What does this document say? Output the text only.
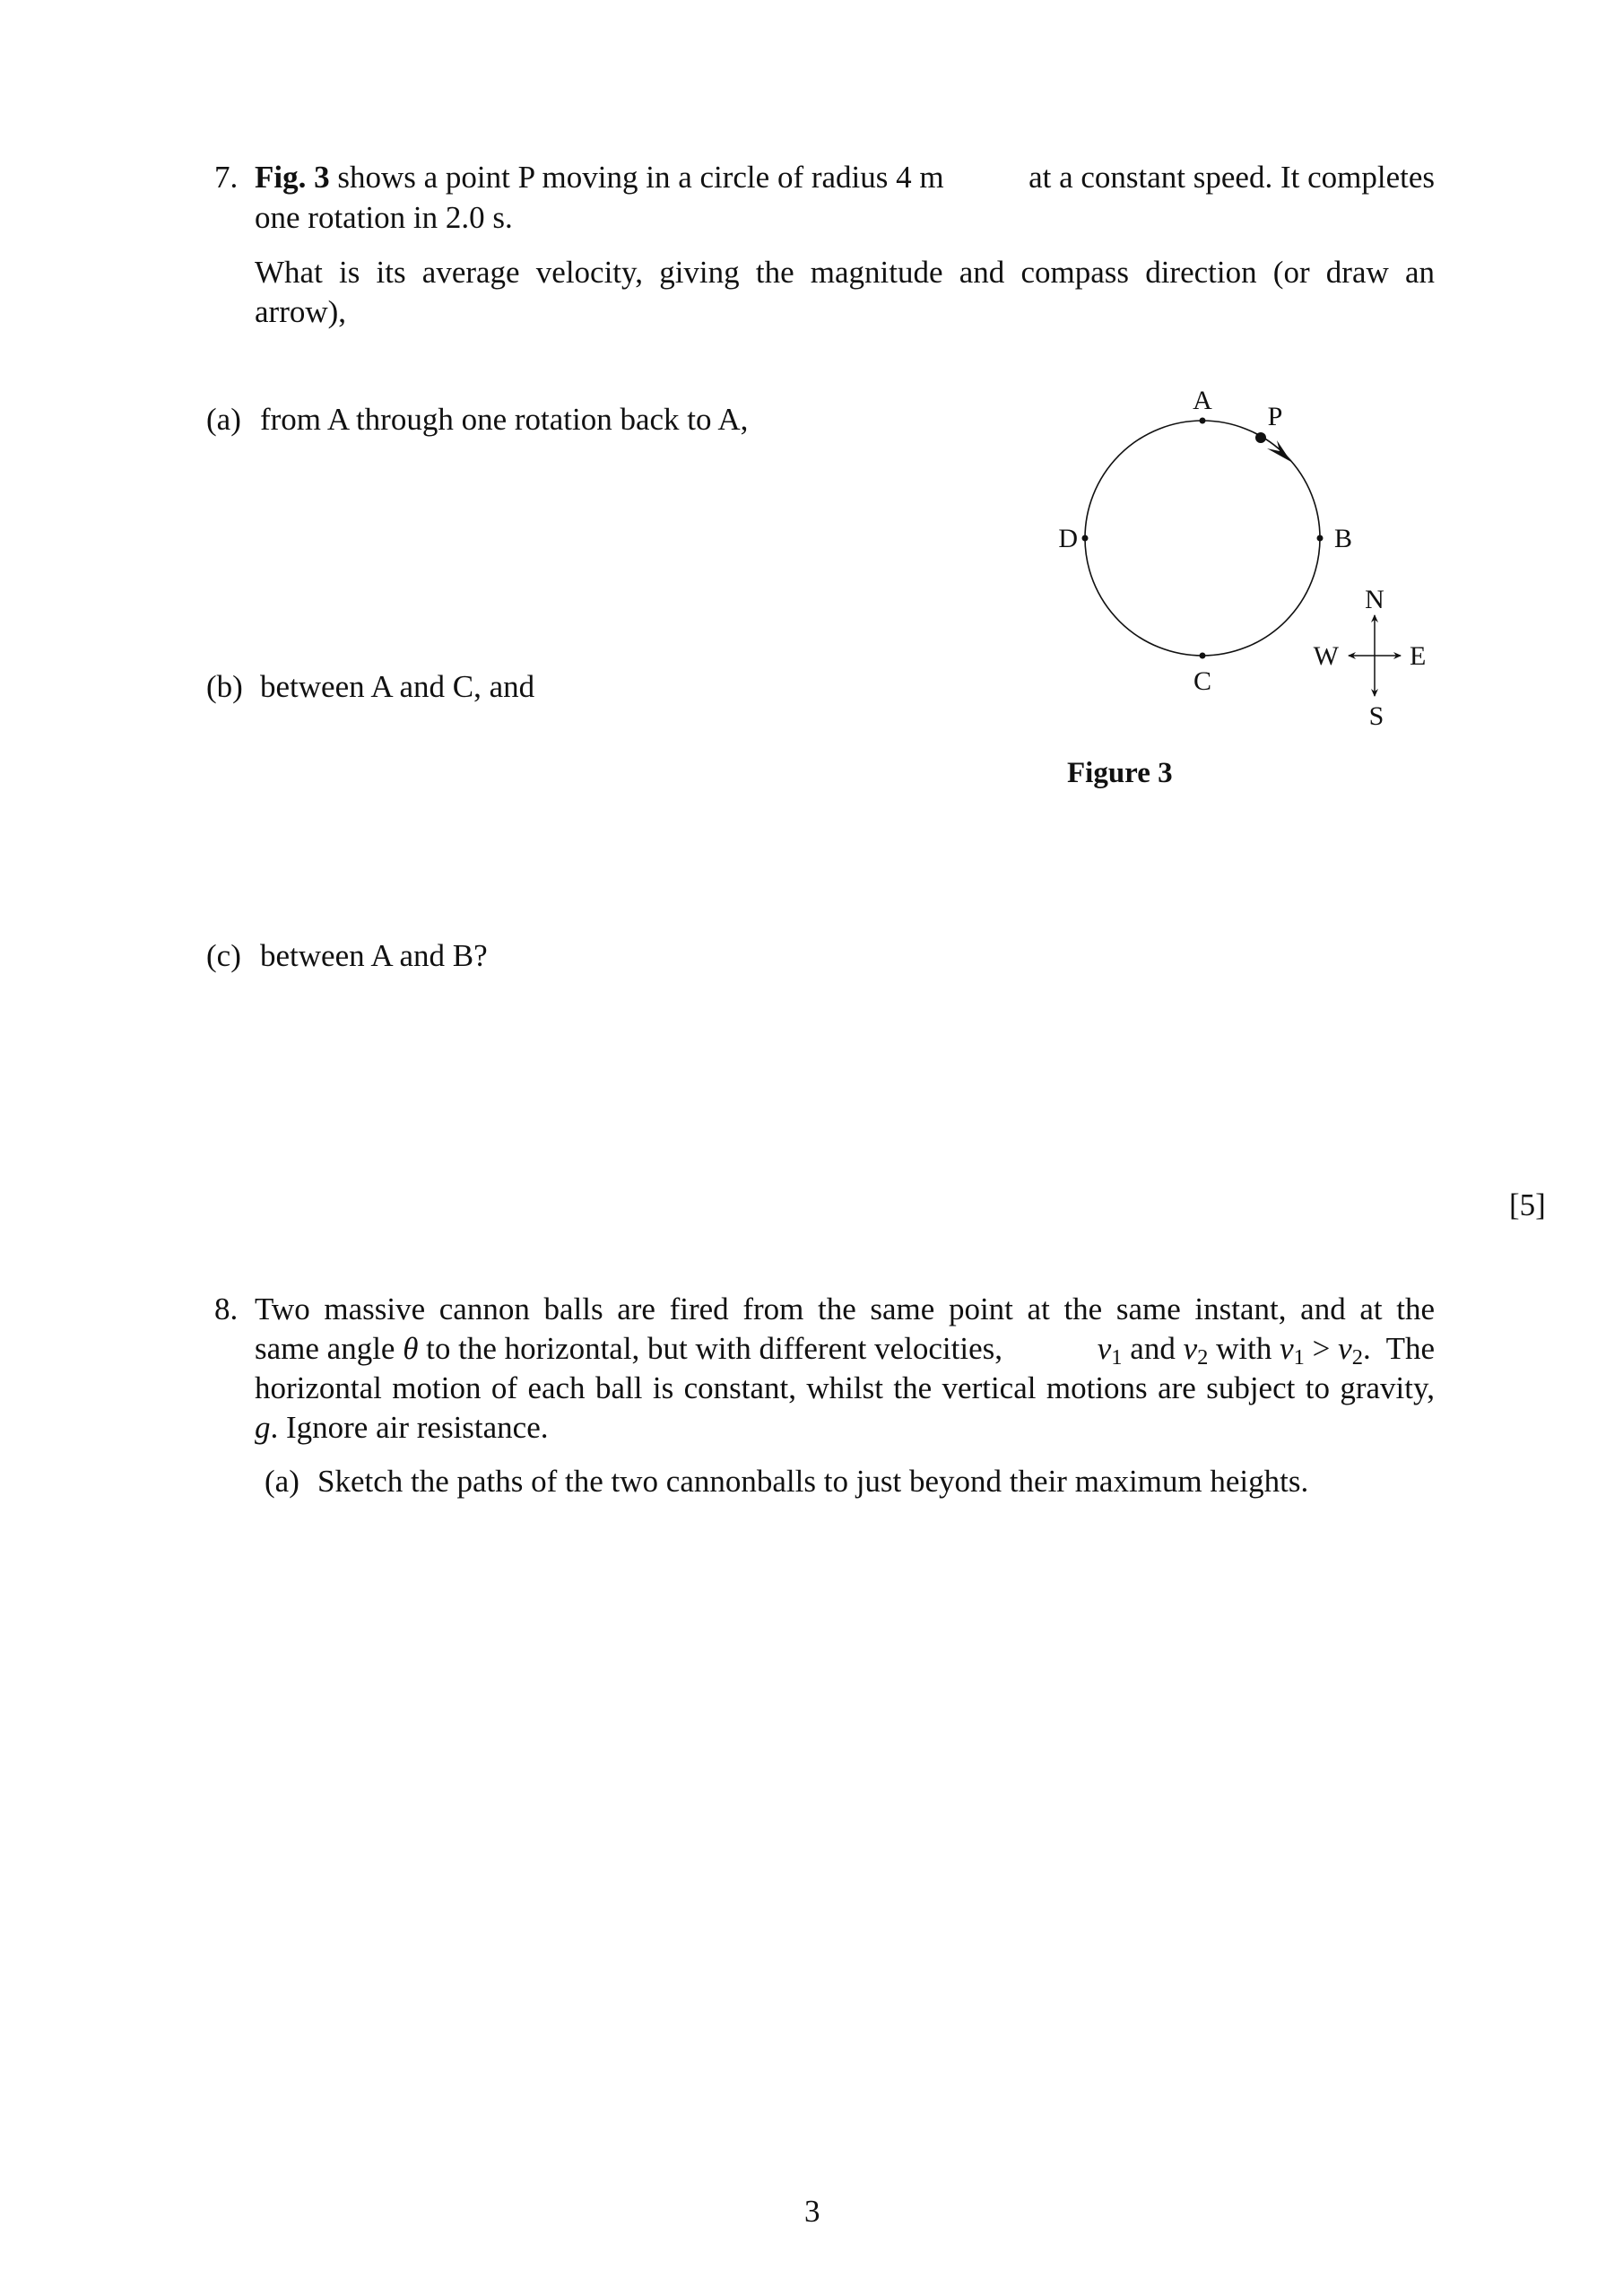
7. Fig. 3 shows a point P moving in a circle of radius 4 m	at a constant speed. It completes
one rotation in 2.0 s.
What is its average velocity, giving the magnitude and compass direction (or draw an
arrow),
(a) from A through one rotation back to A,
(b) between A and C, and
(c) between A and B?
[5]
A
P
B
C
D
N
S
W	E
Figure 3
8. Two massive cannon balls are fired from the same point at the same instant, and at the
same angle θ to the horizontal, but with different velocities,	$v_1$ and $v_2$ with $v_1 > v_2$.  The
horizontal motion of each ball is constant, whilst the vertical motions are subject to gravity,
g. Ignore air resistance.
(a) Sketch the paths of the two cannonballs to just beyond their maximum heights.
3
